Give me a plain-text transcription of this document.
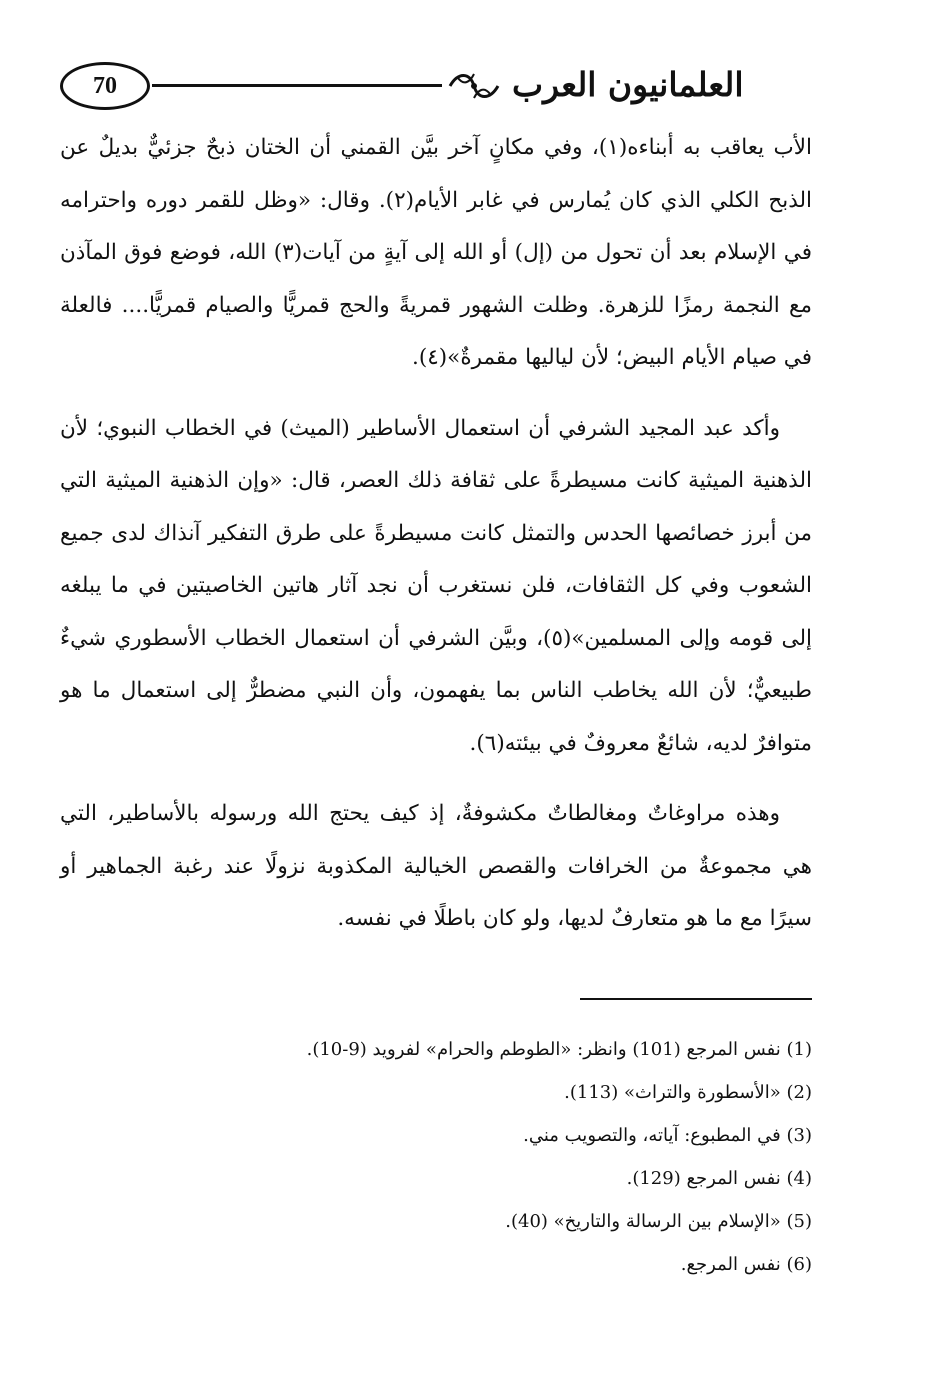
70	العلمانيون العرب

الأب يعاقب به أبناءه(١)، وفي مكانٍ آخر بيَّن القمني أن الختان ذبحٌ جزئيٌّ بديلٌ عن الذبح الكلي الذي كان يُمارس في غابر الأيام(٢). وقال: «وظل للقمر دوره واحترامه في الإسلام بعد أن تحول من (إل) أو الله إلى آيةٍ من آيات(٣) الله، فوضع فوق المآذن مع النجمة رمزًا للزهرة. وظلت الشهور قمريةً والحج قمريًّا والصيام قمريًّا.... فالعلة في صيام الأيام البيض؛ لأن لياليها مقمرةٌ»(٤).

وأكد عبد المجيد الشرفي أن استعمال الأساطير (الميث) في الخطاب النبوي؛ لأن الذهنية الميثية كانت مسيطرةً على ثقافة ذلك العصر، قال: «وإن الذهنية الميثية التي من أبرز خصائصها الحدس والتمثل كانت مسيطرةً على طرق التفكير آنذاك لدى جميع الشعوب وفي كل الثقافات، فلن نستغرب أن نجد آثار هاتين الخاصيتين في ما يبلغه إلى قومه وإلى المسلمين»(٥)، وبيَّن الشرفي أن استعمال الخطاب الأسطوري شيءٌ طبيعيٌّ؛ لأن الله يخاطب الناس بما يفهمون، وأن النبي مضطرٌّ إلى استعمال ما هو متوافرٌ لديه، شائعٌ معروفٌ في بيئته(٦).

وهذه مراوغاتٌ ومغالطاتٌ مكشوفةٌ، إذ كيف يحتج الله ورسوله بالأساطير، التي هي مجموعةٌ من الخرافات والقصص الخيالية المكذوبة نزولًا عند رغبة الجماهير أو سيرًا مع ما هو متعارفٌ لديها، ولو كان باطلًا في نفسه.

(1) نفس المرجع (101) وانظر: «الطوطم والحرام» لفرويد (9-10).
(2) «الأسطورة والتراث» (113).
(3) في المطبوع: آياته، والتصويب مني.
(4) نفس المرجع (129).
(5) «الإسلام بين الرسالة والتاريخ» (40).
(6) نفس المرجع.
